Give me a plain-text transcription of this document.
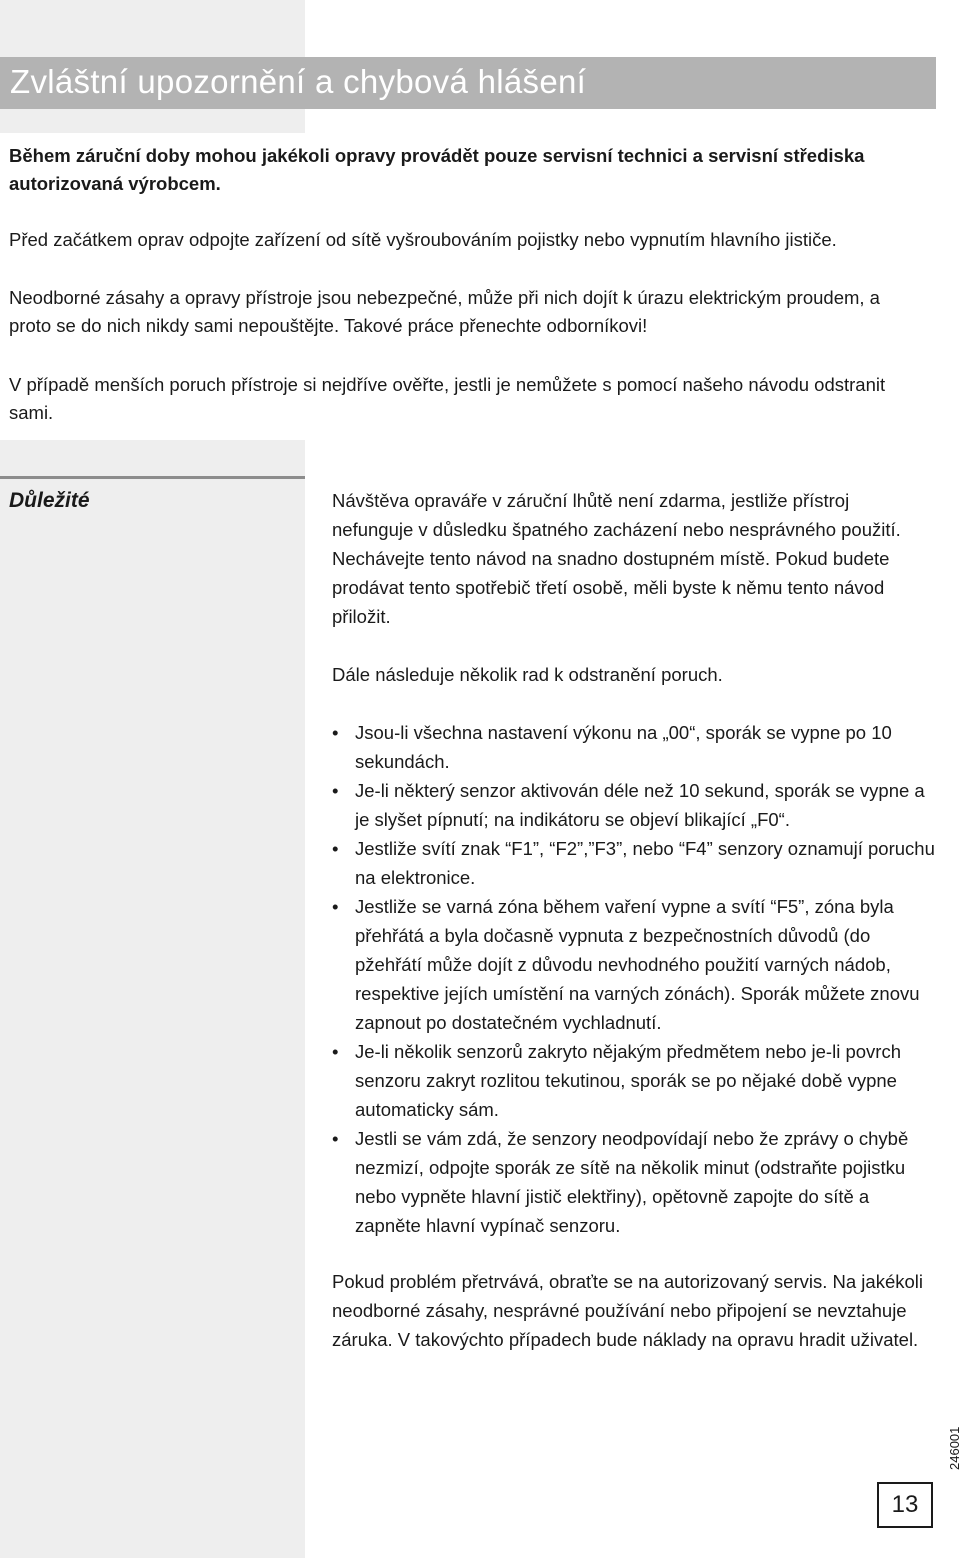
Zvláštní upozornění a chybová hlášení

Během záruční doby mohou jakékoli opravy provádět pouze servisní technici a servisní střediska autorizovaná výrobcem.

Před začátkem oprav odpojte zařízení od sítě vyšroubováním pojistky nebo vypnutím hlavního jističe.

Neodborné zásahy a opravy přístroje jsou nebezpečné, může při nich dojít k úrazu elektrickým proudem, a proto se do nich nikdy sami nepouštějte. Takové práce přenechte odborníkovi!

V případě menších poruch přístroje si nejdříve ověřte, jestli je nemůžete s pomocí našeho návodu odstranit sami.

Důležité	Návštěva opraváře v záruční lhůtě není zdarma, jestliže přístroj nefunguje v důsledku špatného zacházení nebo nesprávného použití. Nechávejte tento návod na snadno dostupném místě. Pokud budete prodávat tento spotřebič třetí osobě, měli byste k němu tento návod přiložit.

Dále následuje několik rad k odstranění poruch.

• Jsou-li všechna nastavení výkonu na „00“, sporák se vypne po 10 sekundách.
• Je-li některý senzor aktivován déle než 10 sekund, sporák se vypne a je slyšet pípnutí; na indikátoru se objeví blikající „F0“.
• Jestliže svítí znak “F1”, “F2”,”F3”, nebo “F4” senzory oznamují poruchu na elektronice.
• Jestliže se varná zóna během vaření vypne a svítí “F5”, zóna byla přehřátá a byla dočasně vypnuta z bezpečnostních důvodů (do pžehřátí může dojít z důvodu nevhodného použití varných nádob, respektive jejích umístění na varných zónách). Sporák můžete znovu zapnout po dostatečném vychladnutí.
• Je-li několik senzorů zakryto nějakým předmětem nebo je-li povrch senzoru zakryt rozlitou tekutinou, sporák se po nějaké době vypne automaticky sám.
• Jestli se vám zdá, že senzory neodpovídají nebo že zprávy o chybě nezmizí, odpojte sporák ze sítě na několik minut (odstraňte pojistku nebo vypněte hlavní jistič elektřiny), opětovně zapojte do sítě a zapněte hlavní vypínač senzoru.

Pokud problém přetrvává, obraťte se na autorizovaný servis. Na jakékoli neodborné zásahy, nesprávné používání nebo připojení se nevztahuje záruka. V takovýchto případech bude náklady na opravu hradit uživatel.

246001
13
